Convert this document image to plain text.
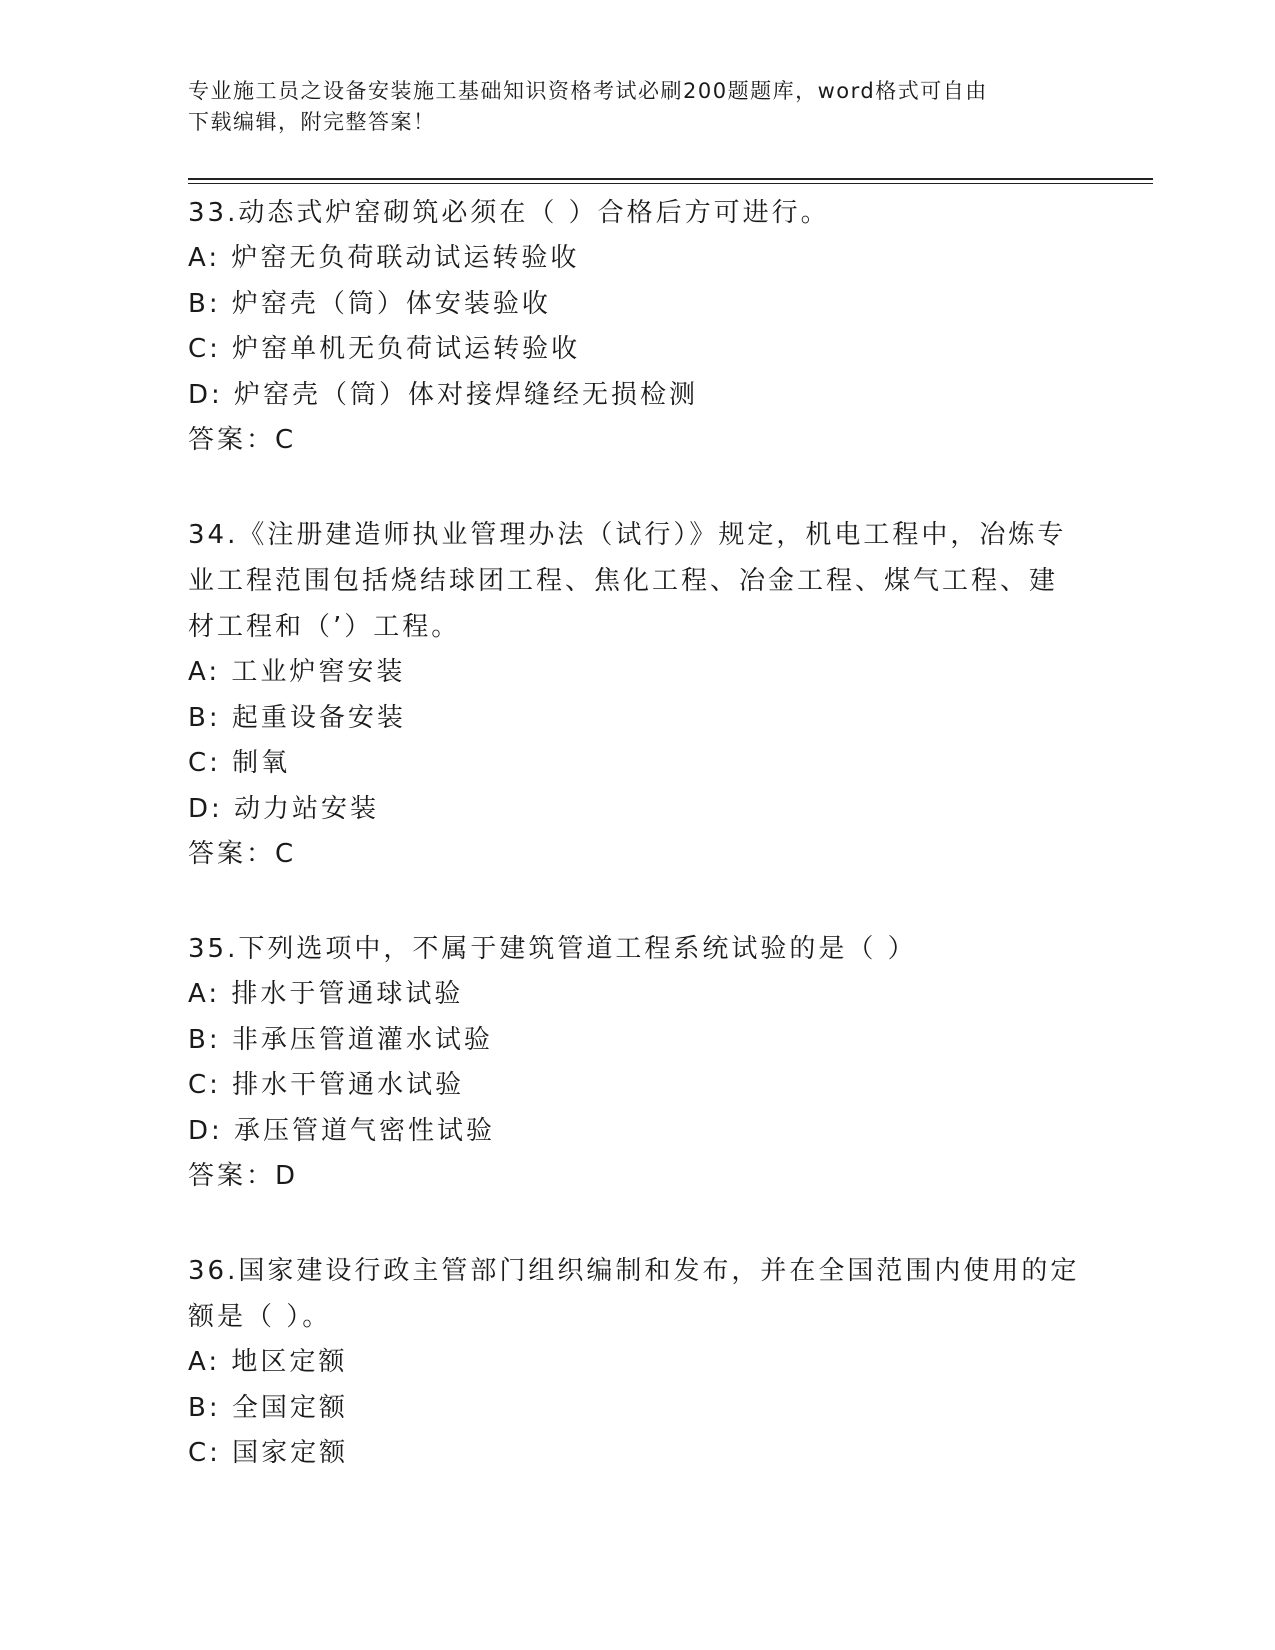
专业施工员之设备安装施工基础知识资格考试必刷200题题库，word格式可自由
下载编辑，附完整答案！
33.动态式炉窑砌筑必须在（ ）合格后方可进行。
A: 炉窑无负荷联动试运转验收
B: 炉窑壳（筒）体安装验收
C: 炉窑单机无负荷试运转验收
D: 炉窑壳（筒）体对接焊缝经无损检测
答案：C
34.《注册建造师执业管理办法（试行）》规定，机电工程中，冶炼专
业工程范围包括烧结球团工程、焦化工程、冶金工程、煤气工程、建
材工程和（’）工程。
A: 工业炉窖安装
B: 起重设备安装
C: 制氧
D: 动力站安装
答案：C
35.下列选项中，不属于建筑管道工程系统试验的是（ ）
A: 排水于管通球试验
B: 非承压管道灌水试验
C: 排水干管通水试验
D: 承压管道气密性试验
答案：D
36.国家建设行政主管部门组织编制和发布，并在全国范围内使用的定
额是（ ）。
A: 地区定额
B: 全国定额
C: 国家定额
